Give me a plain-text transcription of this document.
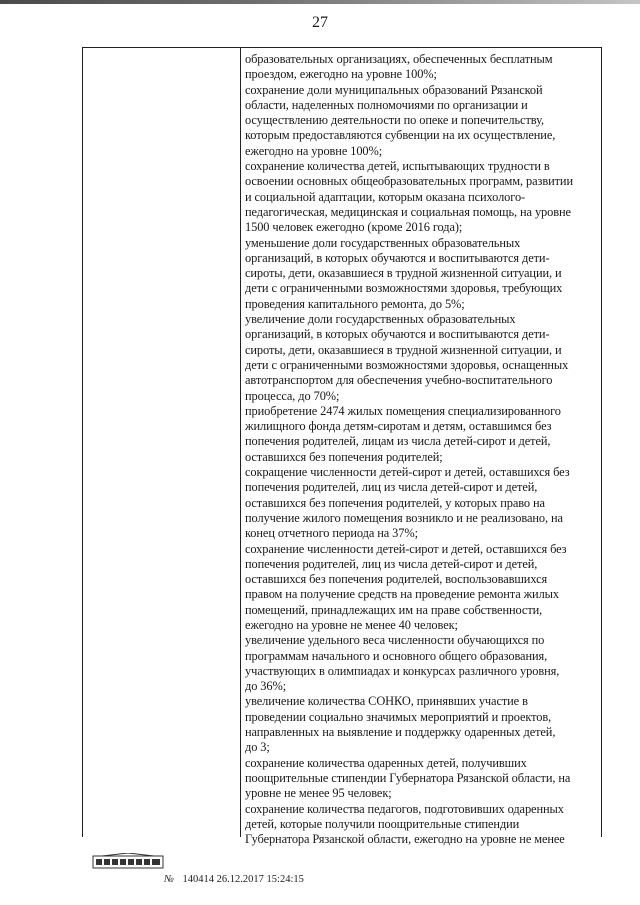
27
образовательных организациях, обеспеченных бесплатным
проездом, ежегодно на уровне 100%;
сохранение доли муниципальных образований Рязанской
области, наделенных полномочиями по организации и
осуществлению деятельности по опеке и попечительству,
которым предоставляются субвенции на их осуществление,
ежегодно на уровне 100%;
сохранение количества детей, испытывающих трудности в
освоении основных общеобразовательных программ, развитии
и социальной адаптации, которым оказана психолого-
педагогическая, медицинская и социальная помощь, на уровне
1500 человек ежегодно (кроме 2016 года);
уменьшение доли государственных образовательных
организаций, в которых обучаются и воспитываются дети-
сироты, дети, оказавшиеся в трудной жизненной ситуации, и
дети с ограниченными возможностями здоровья, требующих
проведения капитального ремонта, до 5%;
увеличение доли государственных образовательных
организаций, в которых обучаются и воспитываются дети-
сироты, дети, оказавшиеся в трудной жизненной ситуации, и
дети с ограниченными возможностями здоровья, оснащенных
автотранспортом для обеспечения учебно-воспитательного
процесса, до 70%;
приобретение 2474 жилых помещения специализированного
жилищного фонда детям-сиротам и детям, оставшимся без
попечения родителей, лицам из числа детей-сирот и детей,
оставшихся без попечения родителей;
сокращение численности детей-сирот и детей, оставшихся без
попечения родителей, лиц из числа детей-сирот и детей,
оставшихся без попечения родителей, у которых право на
получение жилого помещения возникло и не реализовано, на
конец отчетного периода на 37%;
сохранение численности детей-сирот и детей, оставшихся без
попечения родителей, лиц из числа детей-сирот и детей,
оставшихся без попечения родителей, воспользовавшихся
правом на получение средств на проведение ремонта жилых
помещений, принадлежащих им на праве собственности,
ежегодно на уровне не менее 40 человек;
увеличение удельного веса численности обучающихся по
программам начального и основного общего образования,
участвующих в олимпиадах и конкурсах различного уровня,
до 36%;
увеличение количества СОНКО, принявших участие в
проведении социально значимых мероприятий и проектов,
направленных на выявление и поддержку одаренных детей,
до 3;
сохранение количества одаренных детей, получивших
поощрительные стипендии Губернатора Рязанской области, на
уровне не менее 95 человек;
сохранение количества педагогов, подготовивших одаренных
детей, которые получили поощрительные стипендии
Губернатора Рязанской области, ежегодно на уровне не менее
№ 140414 26.12.2017 15:24:15
